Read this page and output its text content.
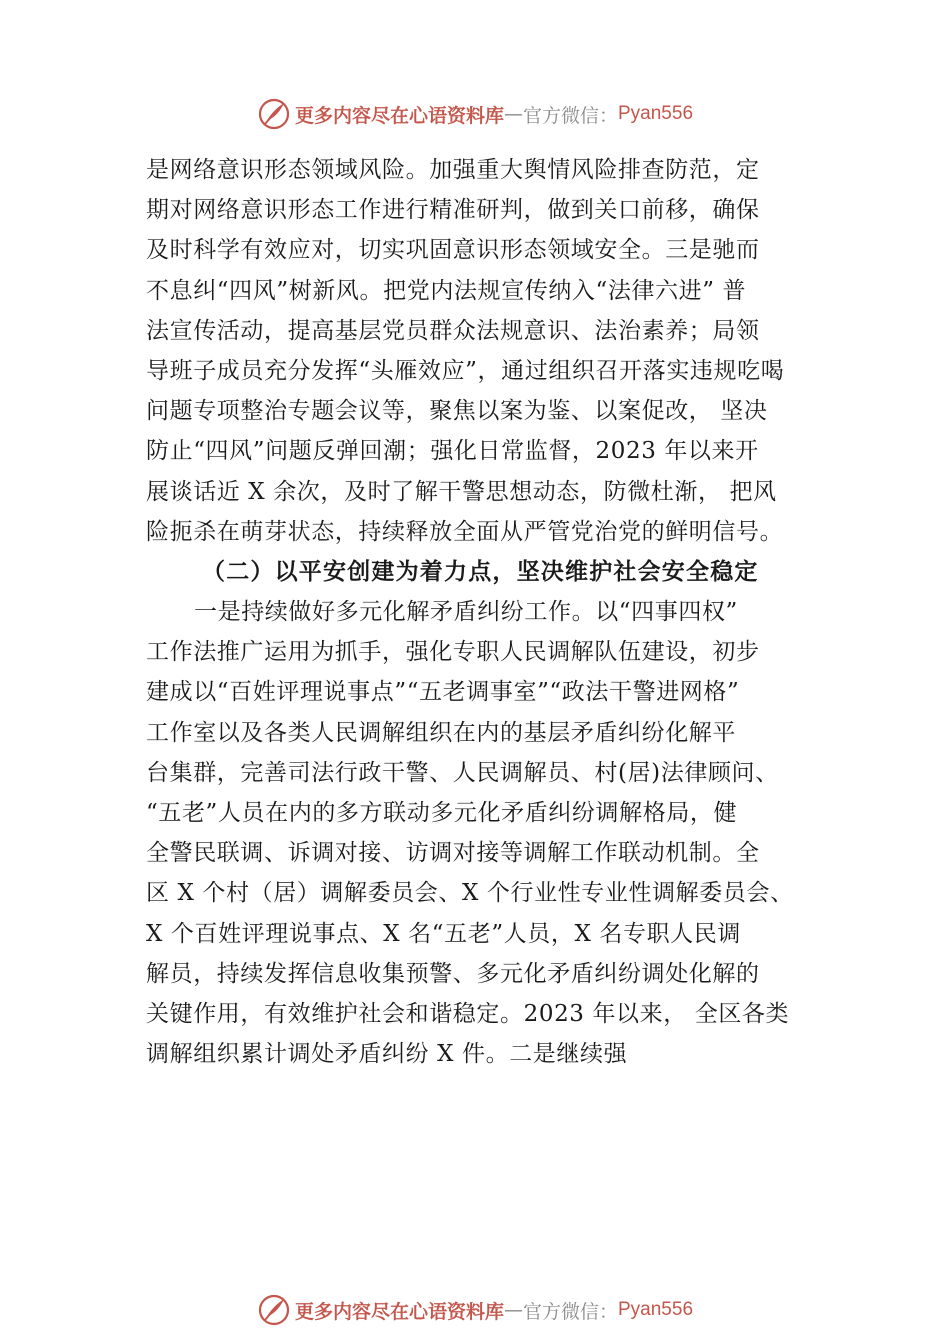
更多内容尽在心语资料库 — 官方微信： Pyan556
是网络意识形态领域风险。加强重大舆情风险排查防范，定
期对网络意识形态工作进行精准研判，做到关口前移，确保
及时科学有效应对，切实巩固意识形态领域安全。三是驰而
不息纠“四风”树新风。把党内法规宣传纳入“法律六进” 普
法宣传活动，提高基层党员群众法规意识、法治素养；局领
导班子成员充分发挥“头雁效应”，通过组织召开落实违规吃喝
问题专项整治专题会议等，聚焦以案为鉴、以案促改， 坚决
防止“四风”问题反弹回潮；强化日常监督，2023 年以来开
展谈话近 X 余次，及时了解干警思想动态，防微杜渐， 把风
险扼杀在萌芽状态，持续释放全面从严管党治党的鲜明信号。
（二）以平安创建为着力点，坚决维护社会安全稳定
一是持续做好多元化解矛盾纠纷工作。以“四事四权”
工作法推广运用为抓手，强化专职人民调解队伍建设，初步
建成以“百姓评理说事点”“五老调事室”“政法干警进网格”
工作室以及各类人民调解组织在内的基层矛盾纠纷化解平
台集群，完善司法行政干警、人民调解员、村(居)法律顾问、
“五老”人员在内的多方联动多元化矛盾纠纷调解格局，健
全警民联调、诉调对接、访调对接等调解工作联动机制。全
区 X 个村（居）调解委员会、X 个行业性专业性调解委员会、
X 个百姓评理说事点、X 名“五老”人员，X 名专职人民调
解员，持续发挥信息收集预警、多元化矛盾纠纷调处化解的
关键作用，有效维护社会和谐稳定。2023 年以来， 全区各类
调解组织累计调处矛盾纠纷 X 件。二是继续强
更多内容尽在心语资料库 — 官方微信： Pyan556
